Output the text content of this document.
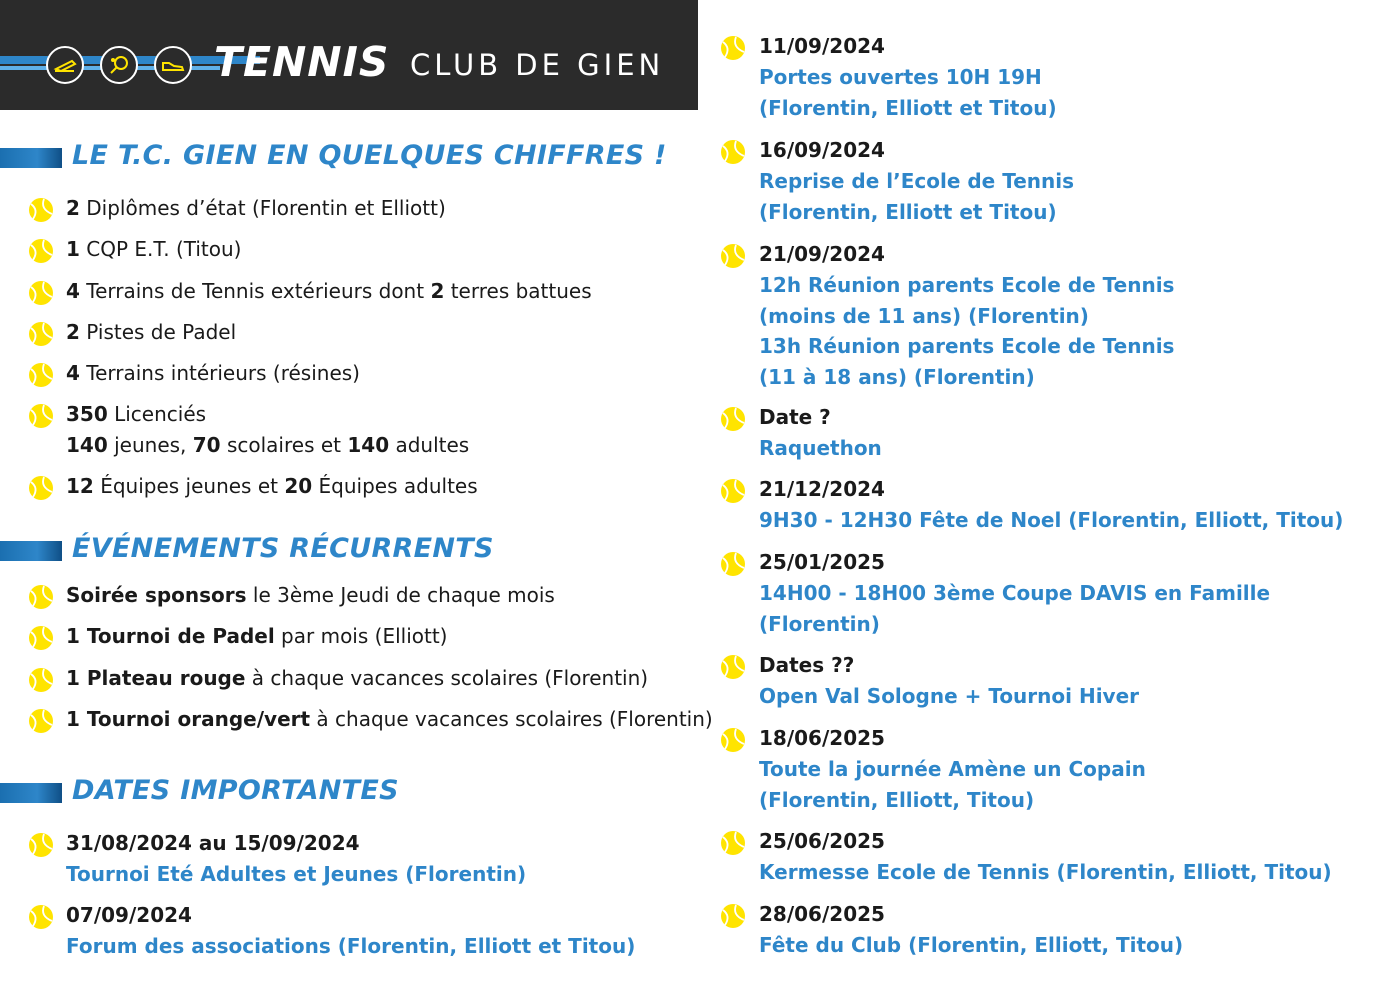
TENNIS CLUB DE GIEN
LE T.C. GIEN EN QUELQUES CHIFFRES !
2 Diplômes d’état (Florentin et Elliott)
1 CQP E.T. (Titou)
4 Terrains de Tennis extérieurs dont 2 terres battues
2 Pistes de Padel
4 Terrains intérieurs (résines)
350 Licenciés
140 jeunes, 70 scolaires et 140 adultes
12 Équipes jeunes et 20 Équipes adultes
ÉVÉNEMENTS RÉCURRENTS
Soirée sponsors le 3ème Jeudi de chaque mois
1 Tournoi de Padel par mois (Elliott)
1 Plateau rouge à chaque vacances scolaires (Florentin)
1 Tournoi orange/vert à chaque vacances scolaires (Florentin)
DATES IMPORTANTES
31/08/2024 au 15/09/2024
Tournoi Eté Adultes et Jeunes (Florentin)
07/09/2024
Forum des associations (Florentin, Elliott et Titou)
11/09/2024
Portes ouvertes 10H 19H
(Florentin, Elliott et Titou)
16/09/2024
Reprise de l’Ecole de Tennis
(Florentin, Elliott et Titou)
21/09/2024
12h Réunion parents Ecole de Tennis
(moins de 11 ans) (Florentin)
13h Réunion parents Ecole de Tennis
(11 à 18 ans) (Florentin)
Date ?
Raquethon
21/12/2024
9H30 - 12H30 Fête de Noel (Florentin, Elliott, Titou)
25/01/2025
14H00 - 18H00 3ème Coupe DAVIS en Famille
(Florentin)
Dates ??
Open Val Sologne + Tournoi Hiver
18/06/2025
Toute la journée Amène un Copain
(Florentin, Elliott, Titou)
25/06/2025
Kermesse Ecole de Tennis (Florentin, Elliott, Titou)
28/06/2025
Fête du Club (Florentin, Elliott, Titou)
